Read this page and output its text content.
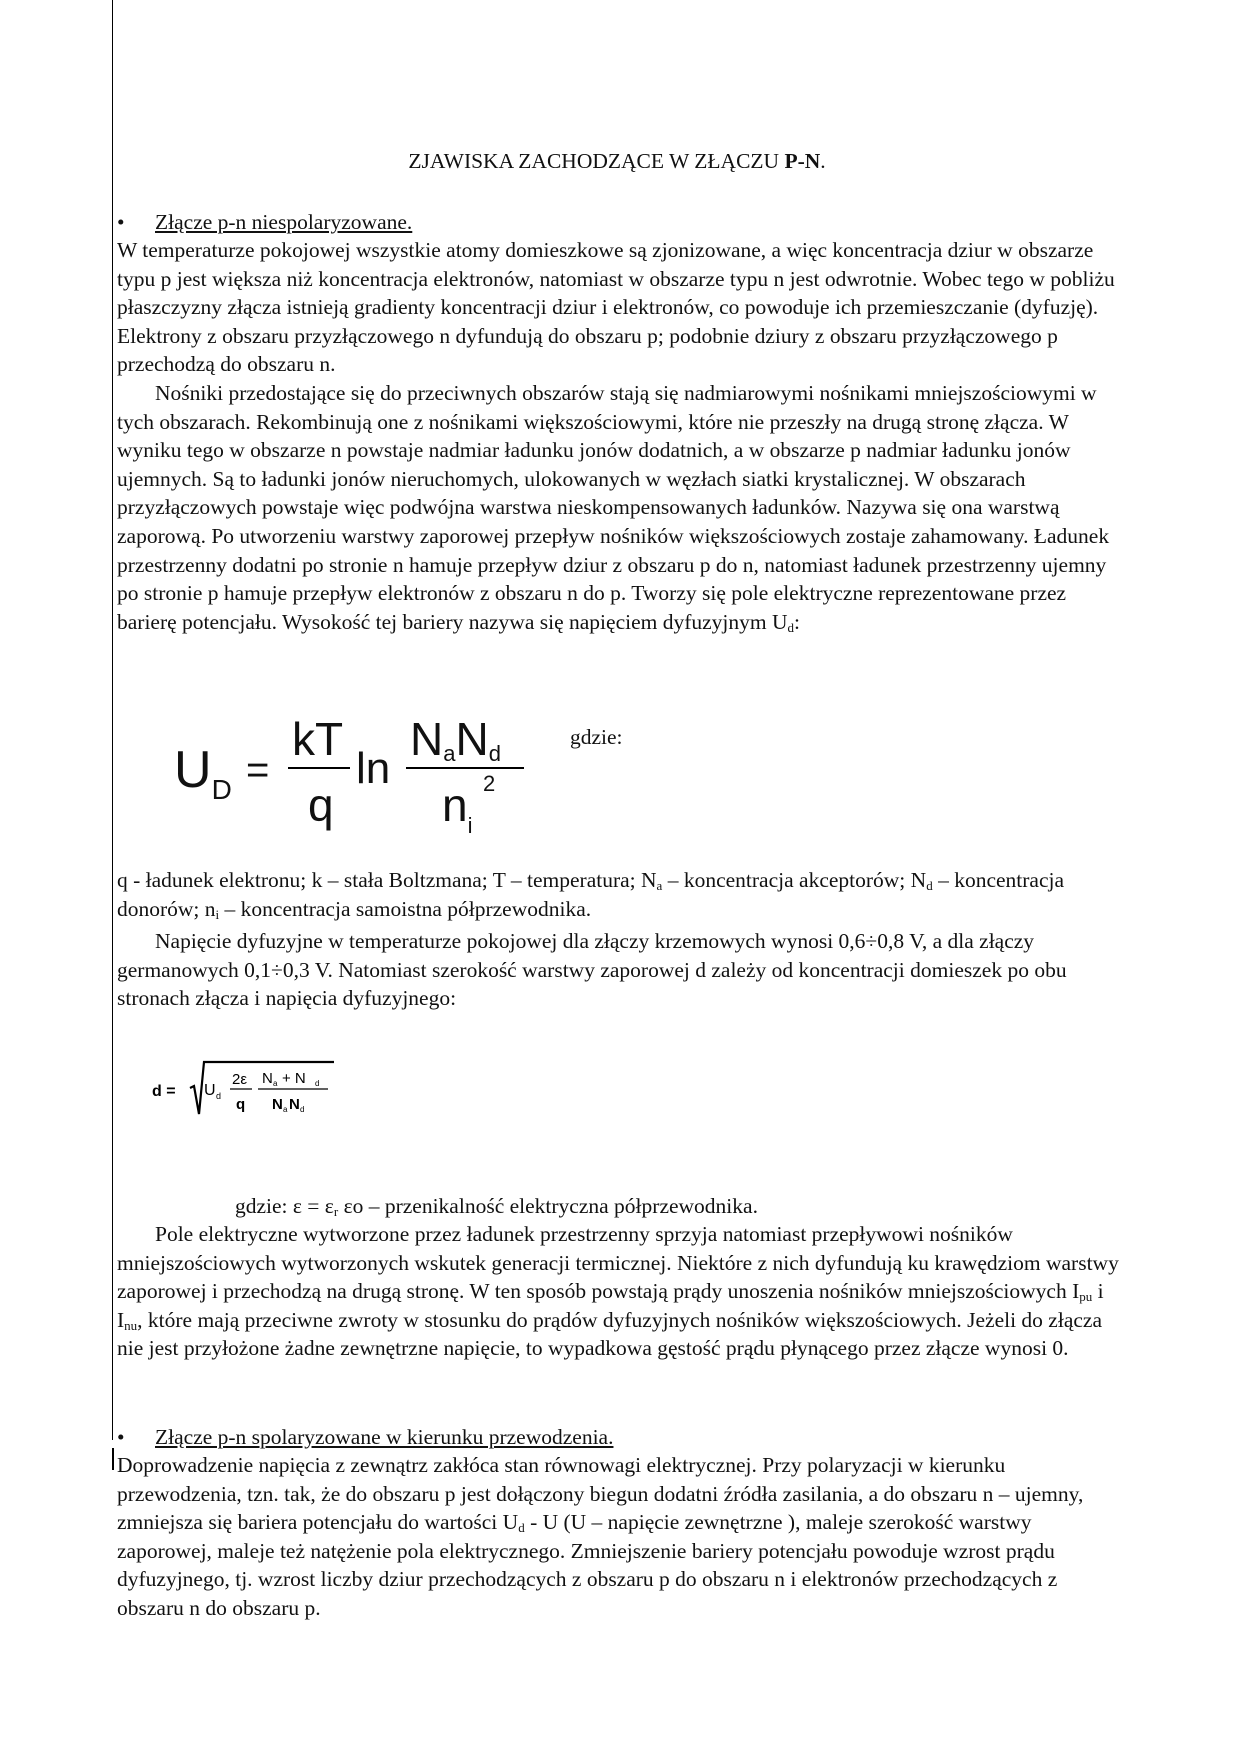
ZJAWISKA ZACHODZĄCE W ZŁĄCZU P-N.
• Złącze p-n niespolaryzowane.

W temperaturze pokojowej wszystkie atomy domieszkowe są zjonizowane, a więc koncentracja dziur w obszarze typu p jest większa niż koncentracja elektronów, natomiast w obszarze typu n jest odwrotnie. Wobec tego w pobliżu płaszczyzny złącza istnieją gradienty koncentracji dziur i elektronów, co powoduje ich przemieszczanie (dyfuzję). Elektrony z obszaru przyzłączowego n dyfundują do obszaru p; podobnie dziury z obszaru przyzłączowego p przechodzą do obszaru n.

Nośniki przedostające się do przeciwnych obszarów stają się nadmiarowymi nośnikami mniejszościowymi w tych obszarach. Rekombinują one z nośnikami większościowymi, które nie przeszły na drugą stronę złącza. W wyniku tego w obszarze n powstaje nadmiar ładunku jonów dodatnich, a w obszarze p nadmiar ładunku jonów ujemnych. Są to ładunki jonów nieruchomych, ulokowanych w węzłach siatki krystalicznej. W obszarach przyzłączowych powstaje więc podwójna warstwa nieskompensowanych ładunków. Nazywa się ona warstwą zaporową. Po utworzeniu warstwy zaporowej przepływ nośników większościowych zostaje zahamowany. Ładunek przestrzenny dodatni po stronie n hamuje przepływ dziur z obszaru p do n, natomiast ładunek przestrzenny ujemny po stronie p hamuje przepływ elektronów z obszaru n do p. Tworzy się pole elektryczne reprezentowane przez barierę potencjału. Wysokość tej bariery nazywa się napięciem dyfuzyjnym $U_d$:

q - ładunek elektronu; k – stała Boltzmana; T – temperatura; $N_a$ – koncentracja akceptorów; $N_d$ – koncentracja donorów; $n_i$ – koncentracja samoistna półprzewodnika.

Napięcie dyfuzyjne w temperaturze pokojowej dla złączy krzemowych wynosi 0,6÷0,8 V, a dla złączy germanowych 0,1÷0,3 V. Natomiast szerokość warstwy zaporowej d zależy od koncentracji domieszek po obu stronach złącza i napięcia dyfuzyjnego:

gdzie: $\varepsilon = \varepsilon_r$ εo – przenikalność elektryczna półprzewodnika.

Pole elektryczne wytworzone przez ładunek przestrzenny sprzyja natomiast przepływowi nośników mniejszościowych wytworzonych wskutek generacji termicznej. Niektóre z nich dyfundują ku krawędziom warstwy zaporowej i przechodzą na drugą stronę. W ten sposób powstają prądy unoszenia nośników mniejszościowych $I_{pu}$ i $I_{nu}$, które mają przeciwne zwroty w stosunku do prądów dyfuzyjnych nośników większościowych. Jeżeli do złącza nie jest przyłożone żadne zewnętrzne napięcie, to wypadkowa gęstość prądu płynącego przez złącze wynosi 0.

• Złącze p-n spolaryzowane w kierunku przewodzenia.

Doprowadzenie napięcia z zewnątrz zakłóca stan równowagi elektrycznej. Przy polaryzacji w kierunku przewodzenia, tzn. tak, że do obszaru p jest dołączony biegun dodatni źródła zasilania, a do obszaru n – ujemny, zmniejsza się bariera potencjału do wartości $U_d$ - U (U – napięcie zewnętrzne ), maleje szerokość warstwy zaporowej, maleje też natężenie pola elektrycznego. Zmniejszenie bariery potencjału powoduje wzrost prądu dyfuzyjnego, tj. wzrost liczby dziur przechodzących z obszaru p do obszaru n i elektronów przechodzących z obszaru n do obszaru p.

$U_D$ =
kT
q
ln
$N_aN_d$
$n_i$
2
gdzie:
d = U d
2ε
q
N a + N d
N a N d
